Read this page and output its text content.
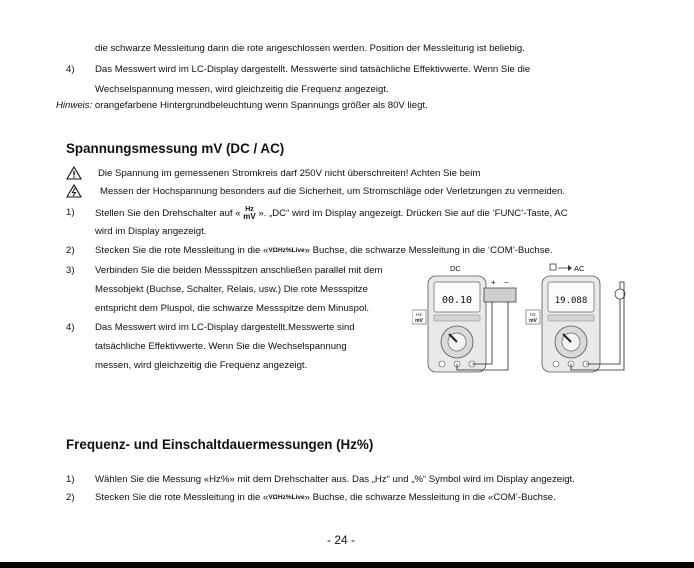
die schwarze Messleitung dann die rote angeschlossen werden. Position der Messleitung ist beliebig.
4) Das Messwert wird im LC-Display dargestellt. Messwerte sind tatsächliche Effektivwerte. Wenn Sie die
Wechselspannung messen, wird gleichzeitig die Frequenz angezeigt.
Hinweis: orangefarbene Hintergrundbeleuchtung wenn Spannungs größer als 80V liegt.
Spannungsmessung mV (DC / AC)
Die Spannung im gemessenen Stromkreis darf 250V nicht überschreiten! Achten Sie beim
Messen der Hochspannung besonders auf die Sicherheit, um Stromschläge oder Verletzungen zu vermeiden.
1) Stellen Sie den Drehschalter auf « Hz
mV ». „DC“ wird im Display angezeigt. Drücken Sie auf die ‘FUNC’-Taste, AC
wird im Display angezeigt.
2) Stecken Sie die rote Messleitung in die «VΩHz%Live» Buchse, die schwarze Messleitung in die ‘COM’-Buchse.
3) Verbinden Sie die beiden Messspitzen anschließen parallel mit dem
Messobjekt (Buchse, Schalter, Relais, usw.) Die rote Messspitze
entspricht dem Pluspol, die schwarze Messspitze dem Minuspol.
4) Das Messwert wird im LC-Display dargestellt.Messwerte sind
tatsächliche Effektivwerte. Wenn Sie die Wechselspannung
messen, wird gleichzeitig die Frequenz angezeigt.
DC	AC
00.10
Hz
mV
+ −
19.088
Hz
mV
Frequenz- und Einschaltdauermessungen (Hz%)
1) Wählen Sie die Messung «Hz%» mit dem Drehschalter aus. Das „Hz“ und „%“ Symbol wird im Display angezeigt.
2) Stecken Sie die rote Messleitung in die «VΩHz%Live» Buchse, die schwarze Messleitung in die «COM’-Buchse.
- 24 -
